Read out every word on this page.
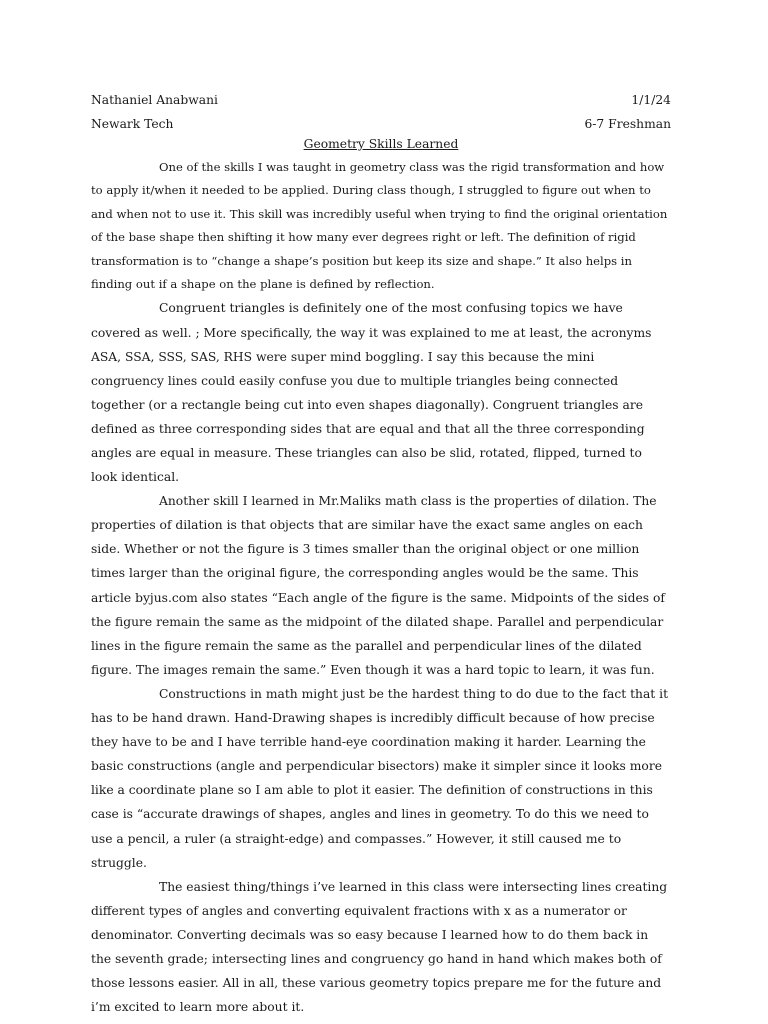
Nathaniel Anabwani	1/1/24
Newark Tech	6-7 Freshman
Geometry Skills Learned

One of the skills I was taught in geometry class was the rigid transformation and how to apply it/when it needed to be applied. During class though, I struggled to figure out when to and when not to use it. This skill was incredibly useful when trying to find the original orientation of the base shape then shifting it how many ever degrees right or left. The definition of rigid transformation is to “change a shape’s position but keep its size and shape.” It also helps in finding out if a shape on the plane is defined by reflection.

Congruent triangles is definitely one of the most confusing topics we have covered as well. ; More specifically, the way it was explained to me at least, the acronyms ASA, SSA, SSS, SAS, RHS were super mind boggling. I say this because the mini congruency lines could easily confuse you due to multiple triangles being connected together (or a rectangle being cut into even shapes diagonally). Congruent triangles are defined as three corresponding sides that are equal and that all the three corresponding angles are equal in measure. These triangles can also be slid, rotated, flipped, turned to look identical.

Another skill I learned in Mr.Maliks math class is the properties of dilation. The properties of dilation is that objects that are similar have the exact same angles on each side. Whether or not the figure is 3 times smaller than the original object or one million times larger than the original figure, the corresponding angles would be the same. This article byjus.com also states “Each angle of the figure is the same. Midpoints of the sides of the figure remain the same as the midpoint of the dilated shape. Parallel and perpendicular lines in the figure remain the same as the parallel and perpendicular lines of the dilated figure. The images remain the same.” Even though it was a hard topic to learn, it was fun.

Constructions in math might just be the hardest thing to do due to the fact that it has to be hand drawn. Hand-Drawing shapes is incredibly difficult because of how precise they have to be and I have terrible hand-eye coordination making it harder. Learning the basic constructions (angle and perpendicular bisectors) make it simpler since it looks more like a coordinate plane so I am able to plot it easier. The definition of constructions in this case is “accurate drawings of shapes, angles and lines in geometry. To do this we need to use a pencil, a ruler (a straight-edge) and compasses.” However, it still caused me to struggle.

The easiest thing/things i’ve learned in this class were intersecting lines creating different types of angles and converting equivalent fractions with x as a numerator or denominator. Converting decimals was so easy because I learned how to do them back in the seventh grade; intersecting lines and congruency go hand in hand which makes both of those lessons easier. All in all, these various geometry topics prepare me for the future and i’m excited to learn more about it.
